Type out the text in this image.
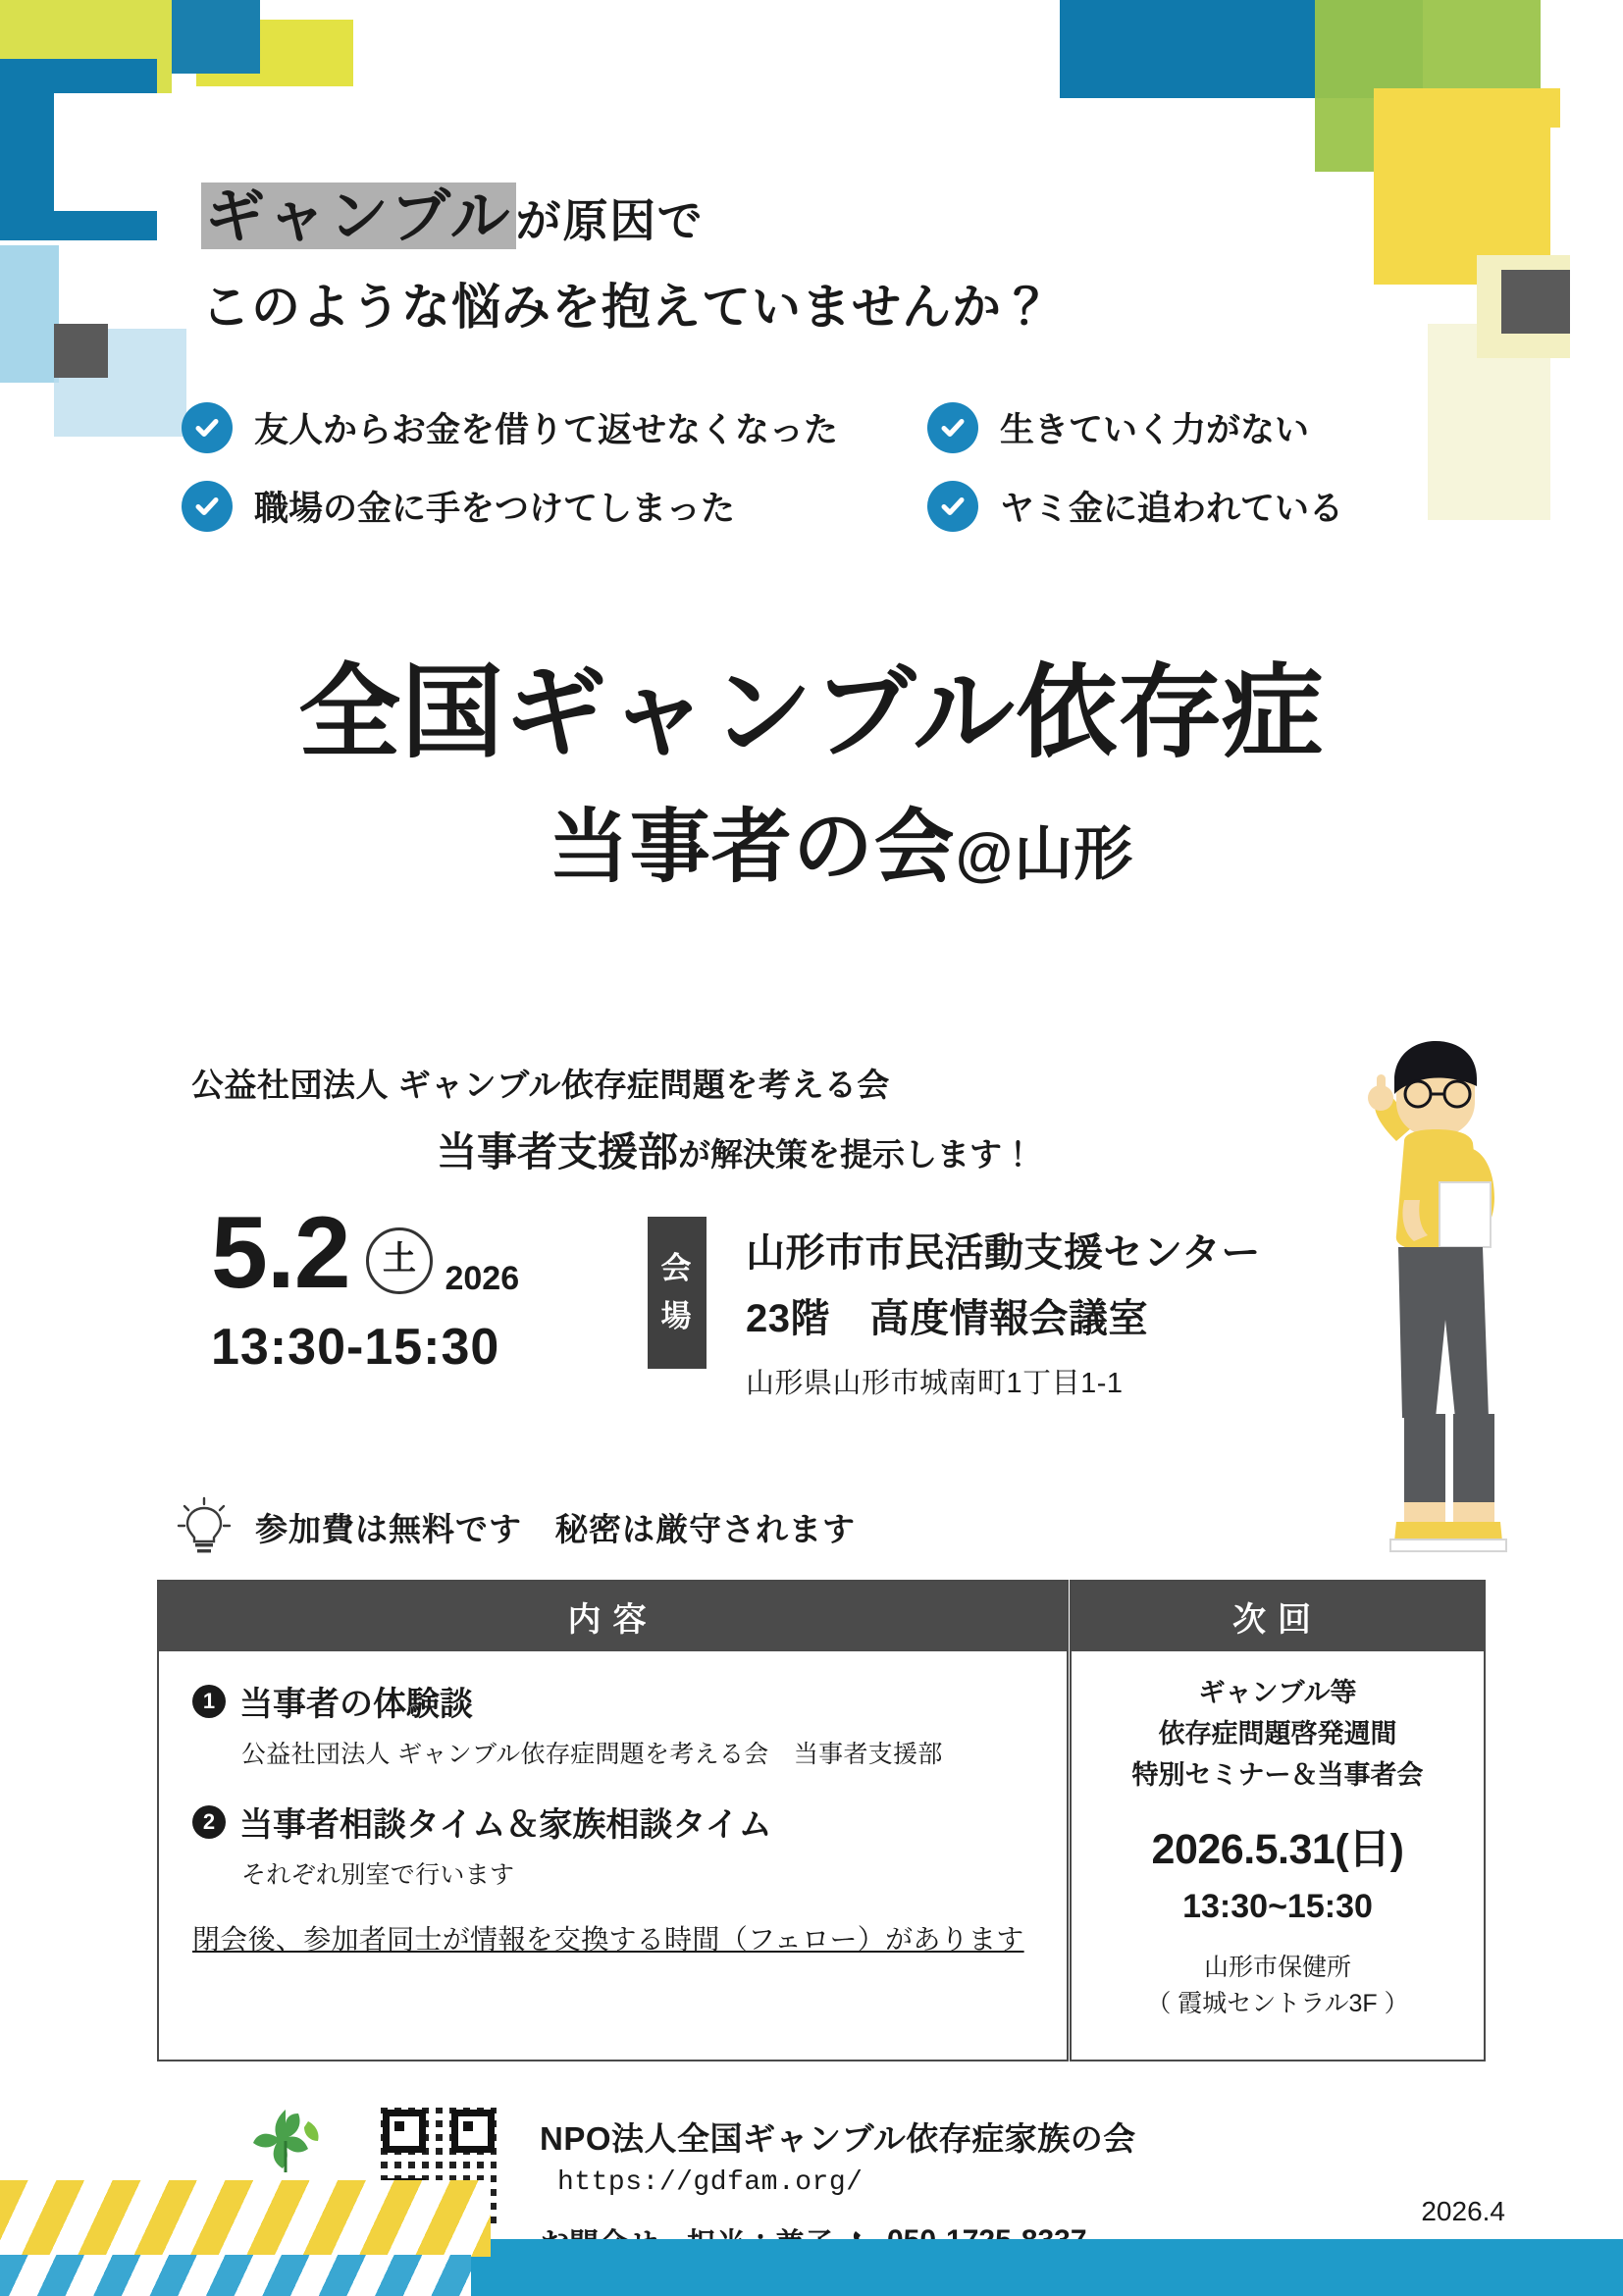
ギャンブルが原因で
このような悩みを抱えていませんか？
友人からお金を借りて返せなくなった	生きていく力がない
職場の金に手をつけてしまった	ヤミ金に追われている
全国ギャンブル依存症
当事者の会@山形
公益社団法人 ギャンブル依存症問題を考える会
当事者支援部が解決策を提示します！
5.2 土 2026
13:30-15:30
会
場
山形市市民活動支援センター
23階　高度情報会議室
山形県山形市城南町1丁目1-1
参加費は無料です　秘密は厳守されます
内容
1 当事者の体験談
公益社団法人 ギャンブル依存症問題を考える会　当事者支援部
2 当事者相談タイム＆家族相談タイム
それぞれ別室で行います
閉会後、参加者同士が情報を交換する時間（フェロー）があります
次回
ギャンブル等
依存症問題啓発週間
特別セミナー＆当事者会
2026.5.31(日)
13:30~15:30
山形市保健所
（ 霞城セントラル3F ）
NPO法人全国ギャンブル依存症家族の会https://gdfam.org/
2026.4
